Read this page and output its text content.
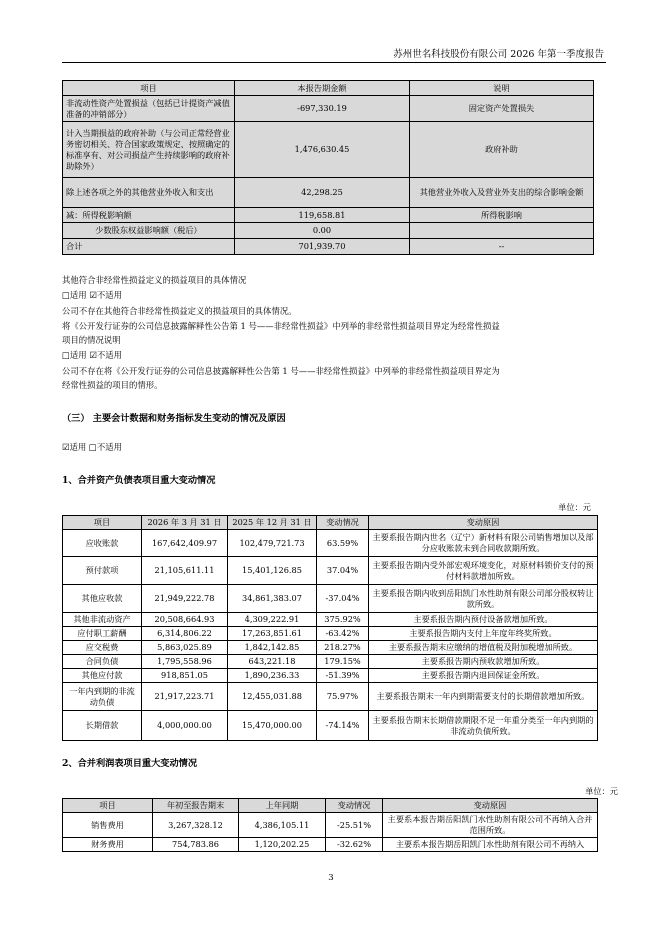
苏州世名科技股份有限公司 2026 年第一季度报告
项目	本报告期金额	说明
非流动性资产处置损益（包括已计提资产减值准备的冲销部分）	-697,330.19	固定资产处置损失
计入当期损益的政府补助（与公司正常经营业务密切相关、符合国家政策规定、按照确定的标准享有、对公司损益产生持续影响的政府补助除外）	1,476,630.45	政府补助
除上述各项之外的其他营业外收入和支出	42,298.25	其他营业外收入及营业外支出的综合影响金额
减：所得税影响额	119,658.81	所得税影响
少数股东权益影响额（税后）	0.00	
合计	701,939.70	--
其他符合非经常性损益定义的损益项目的具体情况
□适用 ☑不适用
公司不存在其他符合非经常性损益定义的损益项目的具体情况。
将《公开发行证券的公司信息披露解释性公告第 1 号——非经常性损益》中列举的非经常性损益项目界定为经常性损益
项目的情况说明
□适用 ☑不适用
公司不存在将《公开发行证券的公司信息披露解释性公告第 1 号——非经常性损益》中列举的非经常性损益项目界定为
经常性损益的项目的情形。
（三） 主要会计数据和财务指标发生变动的情况及原因
☑适用 □不适用
1、合并资产负债表项目重大变动情况
单位：元
项目	2026 年 3 月 31 日	2025 年 12 月 31 日	变动情况	变动原因
应收账款	167,642,409.97	102,479,721.73	63.59%	主要系报告期内世名（辽宁）新材料有限公司销售增加以及部分应收账款未到合同收款期所致。
预付款项	21,105,611.11	15,401,126.85	37.04%	主要系报告期内受外部宏观环境变化，对原材料锁价支付的预付材料款增加所致。
其他应收款	21,949,222.78	34,861,383.07	-37.04%	主要系报告期内收到岳阳凯门水性助剂有限公司部分股权转让款所致。
其他非流动资产	20,508,664.93	4,309,222.91	375.92%	主要系报告期内预付设备款增加所致。
应付职工薪酬	6,314,806.22	17,263,851.61	-63.42%	主要系报告期内支付上年度年终奖所致。
应交税费	5,863,025.89	1,842,142.85	218.27%	主要系报告期末应缴纳的增值税及附加税增加所致。
合同负债	1,795,558.96	643,221.18	179.15%	主要系报告期内预收款增加所致。
其他应付款	918,851.05	1,890,236.33	-51.39%	主要系报告期内退回保证金所致。
一年内到期的非流动负债	21,917,223.71	12,455,031.88	75.97%	主要系报告期末一年内到期需要支付的长期借款增加所致。
长期借款	4,000,000.00	15,470,000.00	-74.14%	主要系报告期末长期借款期限不足一年重分类至一年内到期的非流动负债所致。
2、合并利润表项目重大变动情况
单位：元
项目	年初至报告期末	上年同期	变动情况	变动原因
销售费用	3,267,328.12	4,386,105.11	-25.51%	主要系本报告期岳阳凯门水性助剂有限公司不再纳入合并范围所致。
财务费用	754,783.86	1,120,202.25	-32.62%	主要系本报告期岳阳凯门水性助剂有限公司不再纳入
3
